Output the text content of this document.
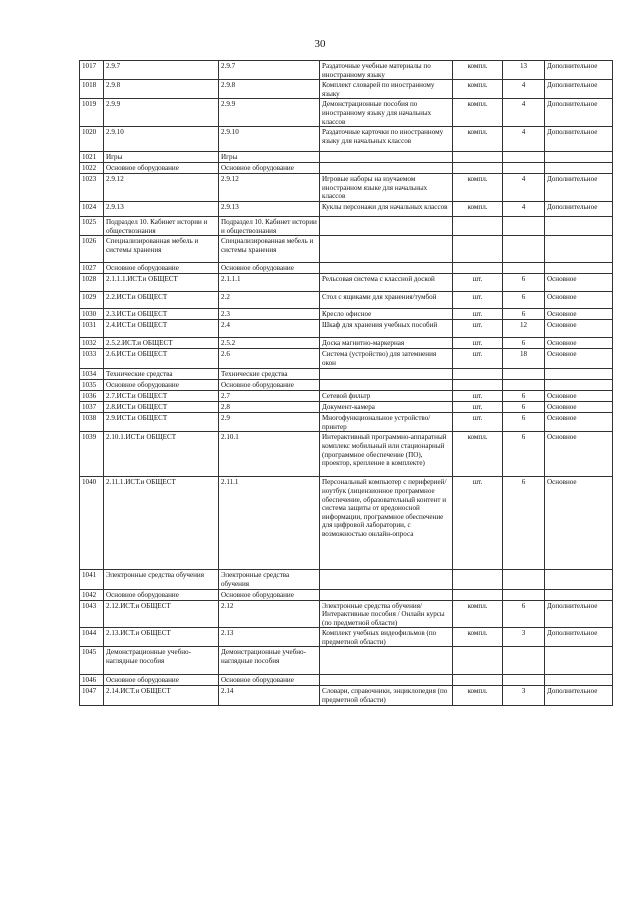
30
1017	2.9.7	2.9.7	Раздаточные учебные материалы по иностранному языку	компл.	13	Дополнительное
1018	2.9.8	2.9.8	Комплект словарей по иностранному языку	компл.	4	Дополнительное
1019	2.9.9	2.9.9	Демонстрационные пособия по иностранному языку для начальных классов	компл.	4	Дополнительное
1020	2.9.10	2.9.10	Раздаточные карточки по иностранному языку для начальных классов	компл.	4	Дополнительное
1021	Игры	Игры				
1022	Основное оборудование	Основное оборудование				
1023	2.9.12	2.9.12	Игровые наборы на изучаемом иностранном языке для начальных классов	компл.	4	Дополнительное
1024	2.9.13	2.9.13	Куклы персонажи для начальных классов	компл.	4	Дополнительное
1025	Подраздел 10. Кабинет истории и обществознания	Подраздел 10. Кабинет истории и обществознания				
1026	Специализированная мебель и системы хранения	Специализированная мебель и системы хранения				
1027	Основное оборудование	Основное оборудование				
1028	2.1.1.1.ИСТ.и ОБЩЕСТ	2.1.1.1	Рельсовая система с классной доской	шт.	6	Основное
1029	2.2.ИСТ.и ОБЩЕСТ	2.2	Стол с ящиками для хранения/тумбой	шт.	6	Основное
1030	2.3.ИСТ.и ОБЩЕСТ	2.3	Кресло офисное	шт.	6	Основное
1031	2.4.ИСТ.и ОБЩЕСТ	2.4	Шкаф для хранения учебных пособий	шт.	12	Основное
1032	2.5.2.ИСТ.и ОБЩЕСТ	2.5.2	Доска магнитно-маркерная	шт.	6	Основное
1033	2.6.ИСТ.и ОБЩЕСТ	2.6	Система (устройство) для затемнения окон	шт.	18	Основное
1034	Технические средства	Технические средства				
1035	Основное оборудование	Основное оборудование				
1036	2.7.ИСТ.и ОБЩЕСТ	2.7	Сетевой фильтр	шт.	6	Основное
1037	2.8.ИСТ.и ОБЩЕСТ	2.8	Документ-камера	шт.	6	Основное
1038	2.9.ИСТ.и ОБЩЕСТ	2.9	Многофункциональное устройство/принтер	шт.	6	Основное
1039	2.10.1.ИСТ.и ОБЩЕСТ	2.10.1	Интерактивный программно-аппаратный комплекс мобильный или стационарный (программное обеспечение (ПО), проектор, крепление в комплекте)	компл.	6	Основное
1040	2.11.1.ИСТ.и ОБЩЕСТ	2.11.1	Персональный компьютер с периферией/ноутбук (лицензионное программное обеспечение, образовательный контент и система защиты от вредоносной информации, программное обеспечение для цифровой лаборатории, с возможностью онлайн-опроса	шт.	6	Основное
1041	Электронные средства обучения	Электронные средства обучения				
1042	Основное оборудование	Основное оборудование				
1043	2.12.ИСТ.и ОБЩЕСТ	2.12	Электронные средства обучения/Интерактивные пособия / Онлайн курсы (по предметной области)	компл.	6	Дополнительное
1044	2.13.ИСТ.и ОБЩЕСТ	2.13	Комплект учебных видеофильмов (по предметной области)	компл.	3	Дополнительное
1045	Демонстрационные учебно-наглядные пособия	Демонстрационные учебно-наглядные пособия				
1046	Основное оборудование	Основное оборудование				
1047	2.14.ИСТ.и ОБЩЕСТ	2.14	Словари, справочники, энциклопедия (по предметной области)	компл.	3	Дополнительное
